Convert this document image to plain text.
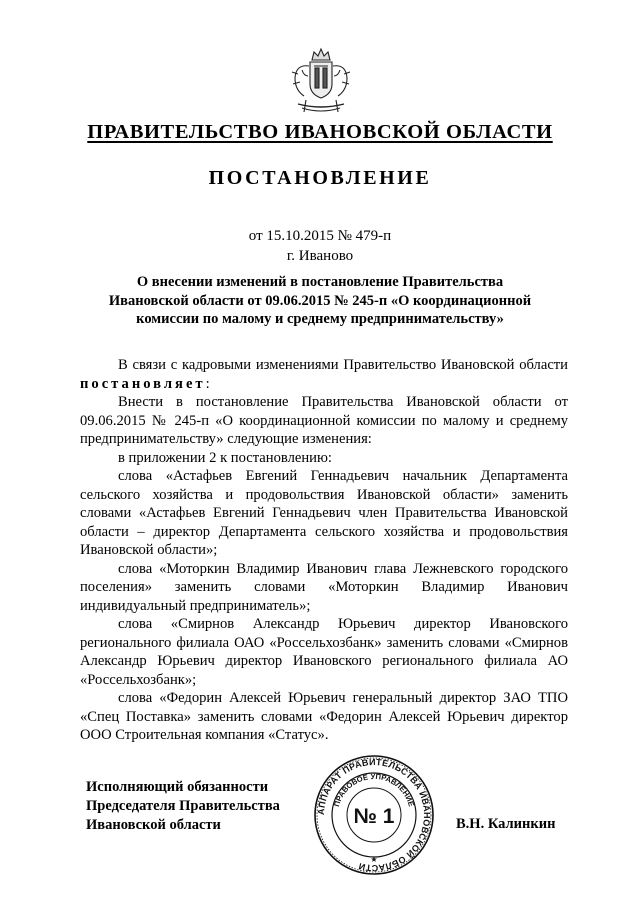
ПРАВИТЕЛЬСТВО ИВАНОВСКОЙ ОБЛАСТИ
ПОСТАНОВЛЕНИЕ
от 15.10.2015 № 479-п
г. Иваново
О внесении изменений в постановление Правительства
Ивановской области от 09.06.2015 № 245-п «О координационной
комиссии по малому и среднему предпринимательству»

В связи с кадровыми изменениями Правительство Ивановской области постановляет:

Внести в постановление Правительства Ивановской области от 09.06.2015 № 245-п «О координационной комиссии по малому и среднему предпринимательству» следующие изменения:

в приложении 2 к постановлению:

слова «Астафьев Евгений Геннадьевич начальник Департамента сельского хозяйства и продовольствия Ивановской области» заменить словами «Астафьев Евгений Геннадьевич член Правительства Ивановской области – директор Департамента сельского хозяйства и продовольствия Ивановской области»;

слова «Моторкин Владимир Иванович глава Лежневского городского поселения» заменить словами «Моторкин Владимир Иванович индивидуальный предприниматель»;

слова «Смирнов Александр Юрьевич директор Ивановского регионального филиала ОАО «Россельхозбанк» заменить словами «Смирнов Александр Юрьевич директор Ивановского регионального филиала АО «Россельхозбанк»;

слова «Федорин Алексей Юрьевич генеральный директор ЗАО ТПО «Спец Поставка» заменить словами «Федорин Алексей Юрьевич директор ООО Строительная компания «Статус».

Исполняющий обязанности
Председателя Правительства
Ивановской области
АППАРАТ ПРАВИТЕЛЬСТВА ИВАНОВСКОЙ ОБЛАСТИ
ПРАВОВОЕ УПРАВЛЕНИЕ
№ 1
★
В.Н. Калинкин
